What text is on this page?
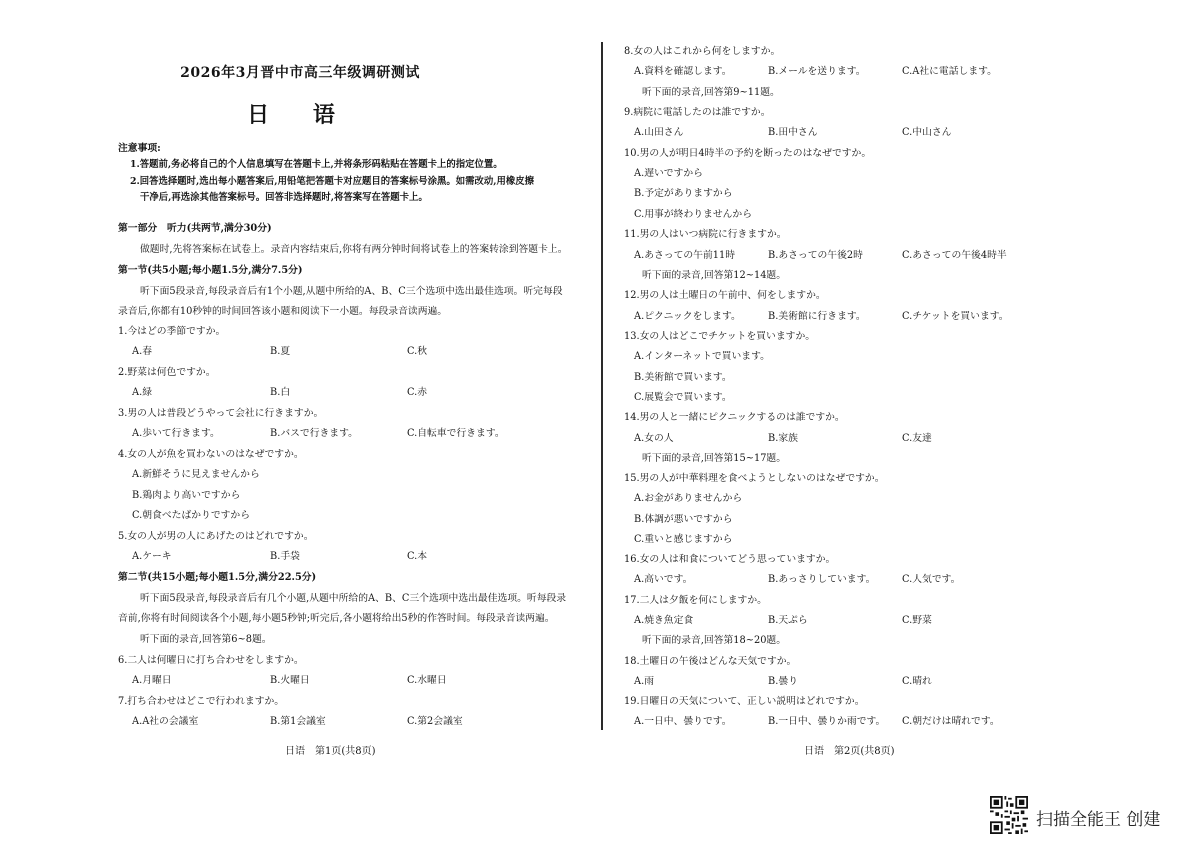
2026年3月晋中市高三年级调研测试
日 语
注意事项:
1.答题前,务必将自己的个人信息填写在答题卡上,并将条形码粘贴在答题卡上的指定位置。
2.回答选择题时,选出每小题答案后,用铅笔把答题卡对应题目的答案标号涂黑。如需改动,用橡皮擦
干净后,再选涂其他答案标号。回答非选择题时,将答案写在答题卡上。
第一部分　听力(共两节,满分30分)
做题时,先将答案标在试卷上。录音内容结束后,你将有两分钟时间将试卷上的答案转涂到答题卡上。
第一节(共5小题;每小题1.5分,满分7.5分)
听下面5段录音,每段录音后有1个小题,从题中所给的A、B、C三个选项中选出最佳选项。听完每段
录音后,你都有10秒钟的时间回答该小题和阅读下一小题。每段录音读两遍。
1.今はどの季節ですか。
A.春	B.夏	C.秋
2.野菜は何色ですか。
A.緑	B.白	C.赤
3.男の人は普段どうやって会社に行きますか。
A.歩いて行きます。	B.バスで行きます。	C.自転車で行きます。
4.女の人が魚を買わないのはなぜですか。
A.新鮮そうに見えませんから
B.鶏肉より高いですから
C.朝食べたばかりですから
5.女の人が男の人にあげたのはどれですか。
A.ケーキ	B.手袋	C.本
第二节(共15小题;每小题1.5分,满分22.5分)
听下面5段录音,每段录音后有几个小题,从题中所给的A、B、C三个选项中选出最佳选项。听每段录
音前,你将有时间阅读各个小题,每小题5秒钟;听完后,各小题将给出5秒的作答时间。每段录音读两遍。
听下面的录音,回答第6~8题。
6.二人は何曜日に打ち合わせをしますか。
A.月曜日	B.火曜日	C.水曜日
7.打ち合わせはどこで行われますか。
A.A社の会議室	B.第1会議室	C.第2会議室
日语　第1页(共8页)
8.女の人はこれから何をしますか。
A.資料を確認します。	B.メールを送ります。	C.A社に電話します。
听下面的录音,回答第9~11题。
9.病院に電話したのは誰ですか。
A.山田さん	B.田中さん	C.中山さん
10.男の人が明日4時半の予約を断ったのはなぜですか。
A.遅いですから
B.予定がありますから
C.用事が終わりませんから
11.男の人はいつ病院に行きますか。
A.あさっての午前11時	B.あさっての午後2時	C.あさっての午後4時半
听下面的录音,回答第12~14题。
12.男の人は土曜日の午前中、何をしますか。
A.ピクニックをします。	B.美術館に行きます。	C.チケットを買います。
13.女の人はどこでチケットを買いますか。
A.インターネットで買います。
B.美術館で買います。
C.展覧会で買います。
14.男の人と一緒にピクニックするのは誰ですか。
A.女の人	B.家族	C.友達
听下面的录音,回答第15~17题。
15.男の人が中華料理を食べようとしないのはなぜですか。
A.お金がありませんから
B.体調が悪いですから
C.重いと感じますから
16.女の人は和食についてどう思っていますか。
A.高いです。	B.あっさりしています。	C.人気です。
17.二人は夕飯を何にしますか。
A.焼き魚定食	B.天ぷら	C.野菜
听下面的录音,回答第18~20题。
18.土曜日の午後はどんな天気ですか。
A.雨	B.曇り	C.晴れ
19.日曜日の天気について、正しい説明はどれですか。
A.一日中、曇りです。	B.一日中、曇りか雨です。 C.朝だけは晴れです。
日语　第2页(共8页)
扫描全能王 创建
